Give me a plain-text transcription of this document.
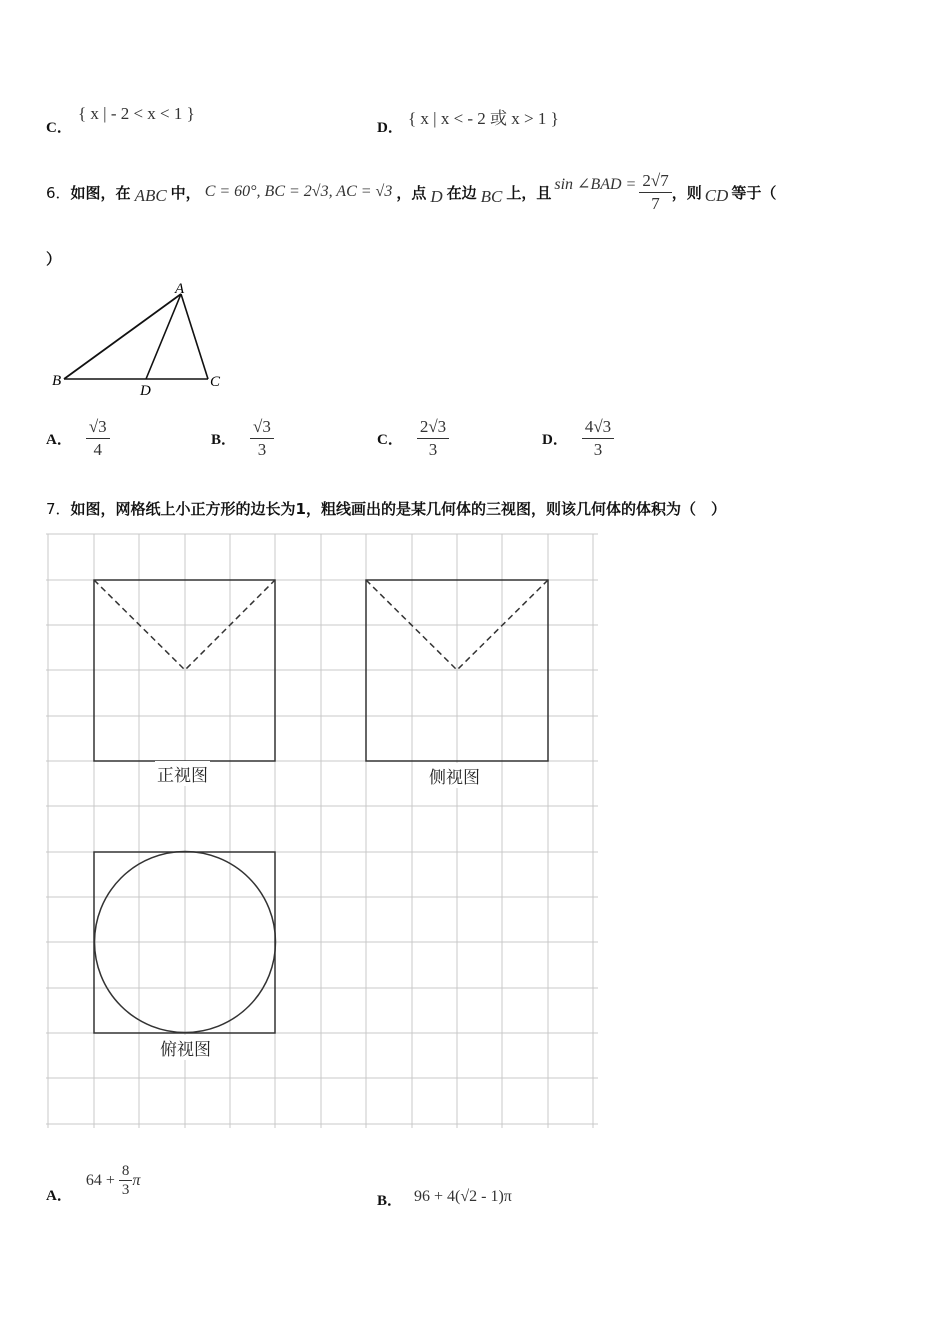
C．
{ x | - 2 < x < 1 }
D． { x | x < - 2 或 x > 1 }
6． 如图，在 ABC 中， C = 60°, BC = 2√3, AC = √3 ，点 D 在边 BC 上，且 sin ∠BAD = $\frac{2√7}{7}$ ，则 CD 等于（
）
A
B	C
D
A． $\frac{√3}{4}$	B． $\frac{√3}{3}$	C． $\frac{2√3}{3}$	D． $\frac{4√3}{3}$
7．如图，网格纸上小正方形的边长为1，粗线画出的是某几何体的三视图，则该几何体的体积为（　）
正视图	侧视图
俯视图
A．
$64 + \frac{8}{3}$ π
B． 96 + 4(√2 - 1)π
